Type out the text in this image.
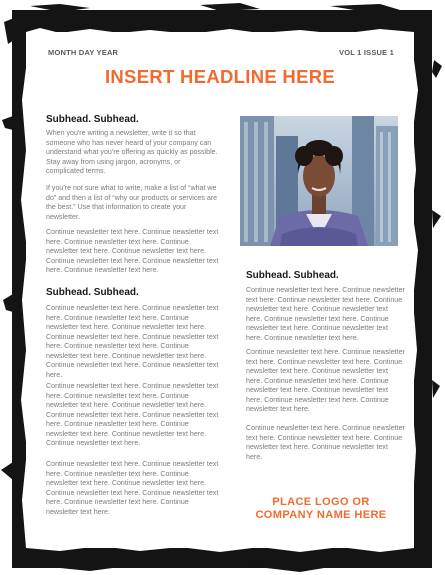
MONTH DAY YEAR	VOL 1 ISSUE 1
INSERT HEADLINE HERE
Subhead. Subhead.

When you're writing a newsletter, write it so that someone who has never heard of your company can understand what you're offering as quickly as possible. Stay away from using jargon, acronyms, or complicated terms.

If you're not sure what to write, make a list of “what we do” and then a list of “why our products or services are the best.” Use that information to create your newsletter.

Continue newsletter text here. Continue newsletter text here. Continue newsletter text here. Continue newsletter text here. Continue newsletter text here. Continue newsletter text here. Continue newsletter text here. Continue newsletter text here.

Subhead. Subhead.

Continue newsletter text here. Continue newsletter text here. Continue newsletter text here. Continue newsletter text here. Continue newsletter text here. Continue newsletter text here. Continue newsletter text here. Continue newsletter text here. Continue newsletter text here. Continue newsletter text here. Continue newsletter text here. Continue newsletter text here.

Continue newsletter text here. Continue newsletter text here. Continue newsletter text here. Continue newsletter text here. Continue newsletter text here. Continue newsletter text here. Continue newsletter text here. Continue newsletter text here. Continue newsletter text here. Continue newsletter text here. Continue newsletter text here.

Continue newsletter text here. Continue newsletter text here. Continue newsletter text here. Continue newsletter text here. Continue newsletter text here. Continue newsletter text here. Continue newsletter text here. Continue newsletter text here. Continue newsletter text here.

Subhead. Subhead.

Continue newsletter text here. Continue newsletter text here. Continue newsletter text here. Continue newsletter text here. Continue newsletter text here. Continue newsletter text here. Continue newsletter text here. Continue newsletter text here. Continue newsletter text here.

Continue newsletter text here. Continue newsletter text here. Continue newsletter text here. Continue newsletter text here. Continue newsletter text here. Continue newsletter text here. Continue newsletter text here. Continue newsletter text here. Continue newsletter text here. Continue newsletter text here.

Continue newsletter text here. Continue newsletter text here. Continue newsletter text here. Continue newsletter text here. Continue newsletter text here.

PLACE LOGO OR
COMPANY NAME HERE
